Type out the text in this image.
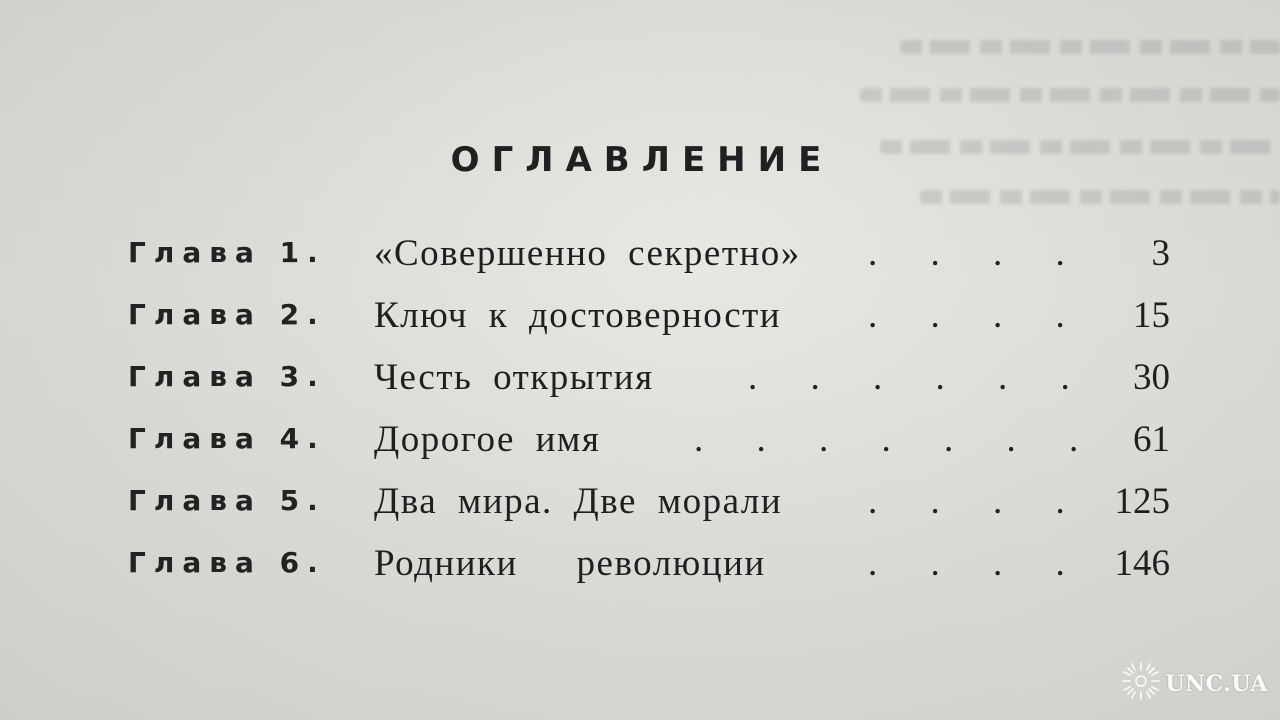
ОГЛАВЛЕНИЕ
Глава 1. «Совершенно секретно» . . . . 3
Глава 2. Ключ к достоверности . . . . 15
Глава 3. Честь открытия	. . . . . . 30
Глава 4. Дорогое имя	. . . . . . . 61
Глава 5. Два мира. Две морали . . . . 125
Глава 6. Родники революции	. . . . 146
UNC.UA
